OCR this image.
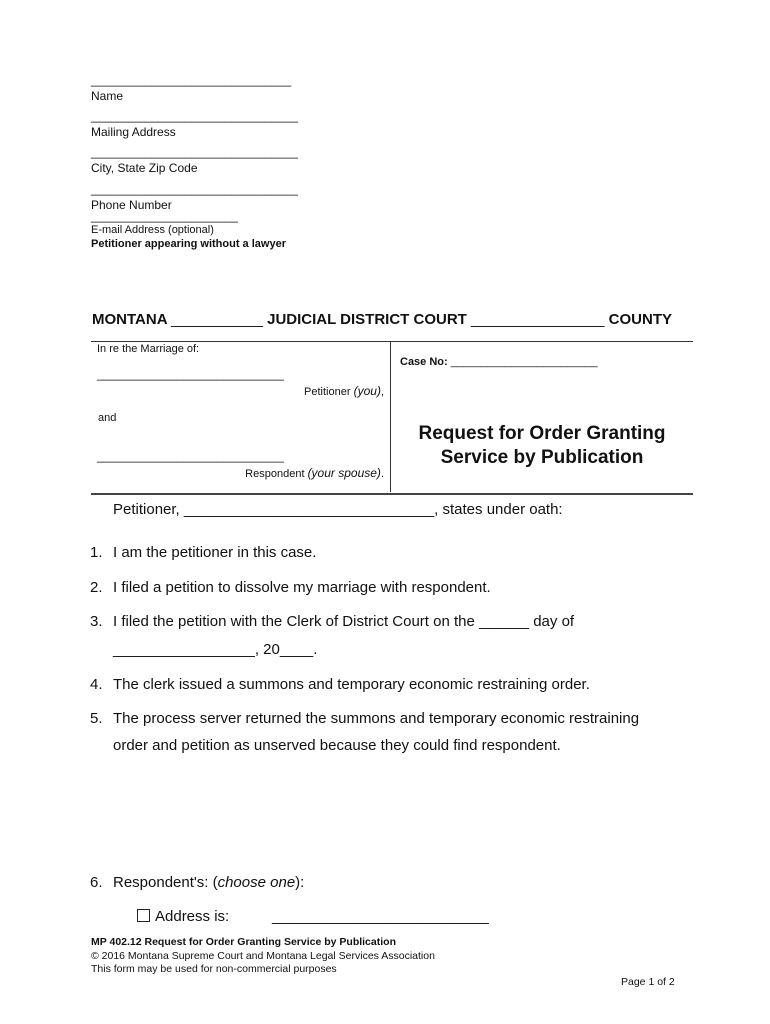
______________________________
Name
_______________________________
Mailing Address
_______________________________
City, State Zip Code
_______________________________
Phone Number
______________________
E-mail Address (optional)
Petitioner appearing without a lawyer
MONTANA ___________ JUDICIAL DISTRICT COURT ________________ COUNTY
In re the Marriage of:
____________________________
Petitioner (you),
and
____________________________
Respondent (your spouse).
Case No: ________________________
Request for Order Granting
Service by Publication
Petitioner, ______________________________, states under oath:
1. I am the petitioner in this case.
2. I filed a petition to dissolve my marriage with respondent.
3. I filed the petition with the Clerk of District Court on the ______ day of
_________________, 20____.
4. The clerk issued a summons and temporary economic restraining order.
5. The process server returned the summons and temporary economic restraining
order and petition as unserved because they could find respondent.
6. Respondent's: (choose one):
Address is:	__________________________
MP 402.12 Request for Order Granting Service by Publication
© 2016 Montana Supreme Court and Montana Legal Services Association
This form may be used for non-commercial purposes
Page 1 of 2
